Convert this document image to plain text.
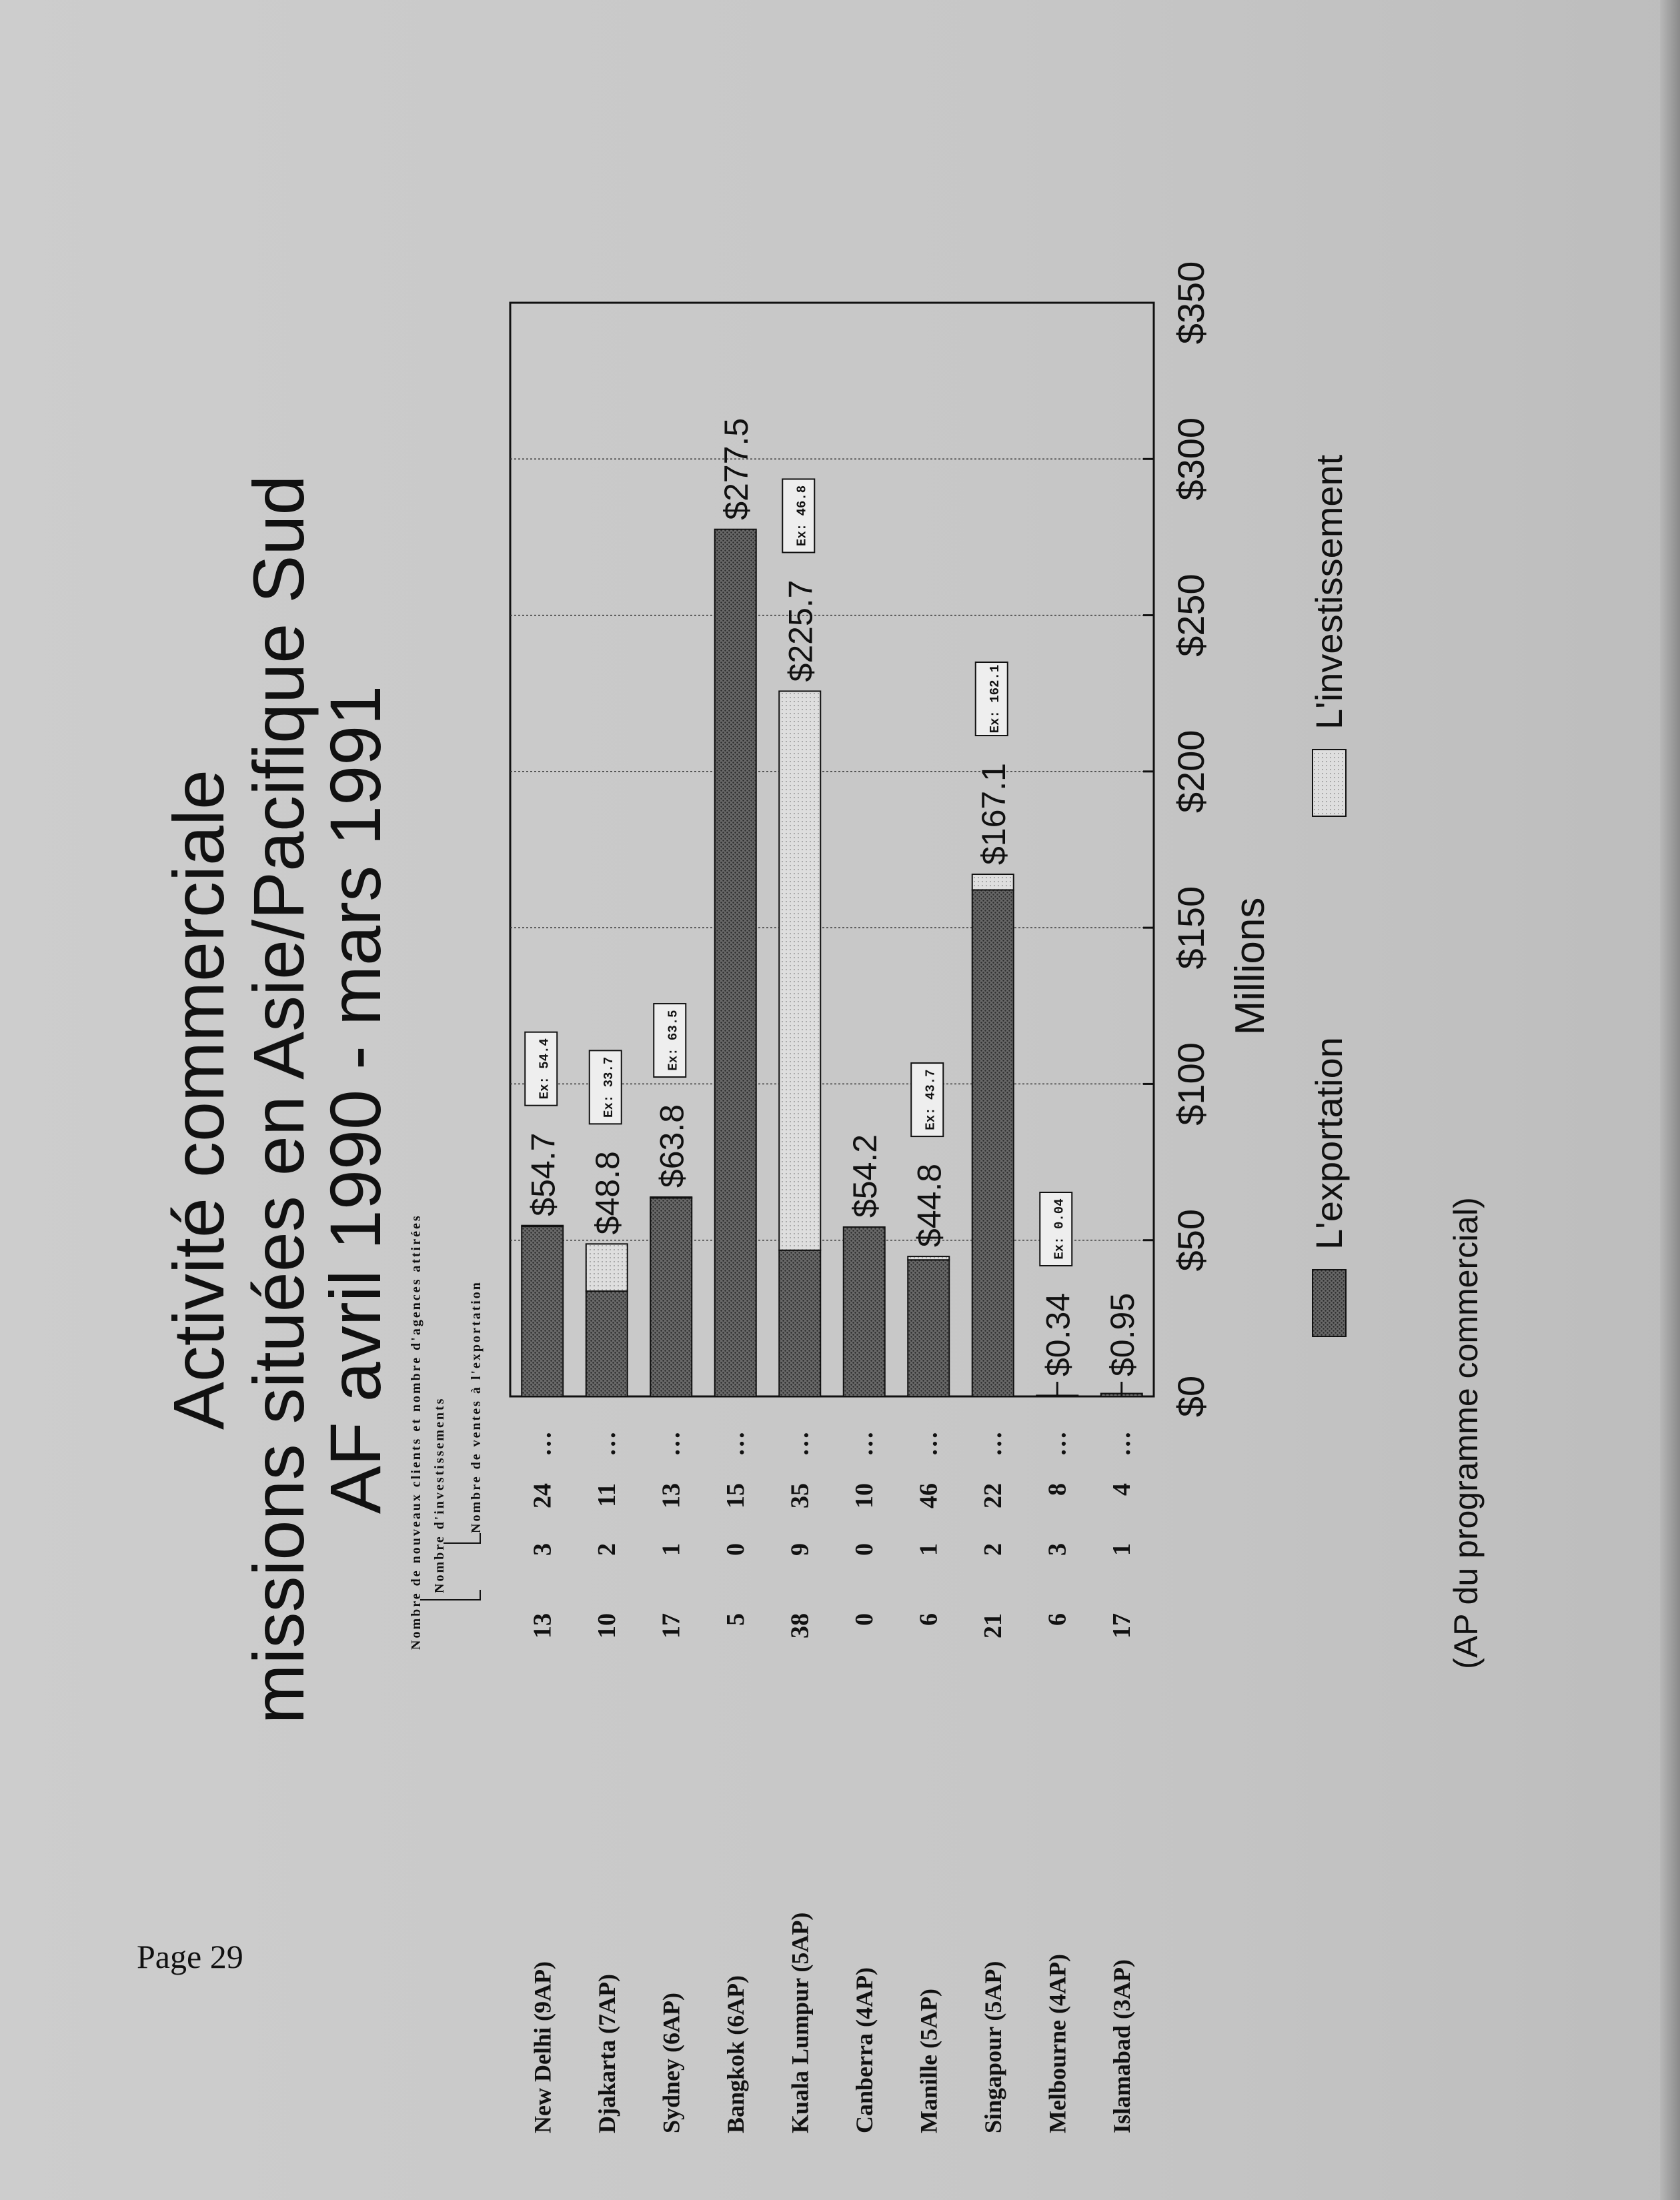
Page 29
Activité commerciale missions situées en Asie/Pacifique Sud
AF avril 1990 - mars 1991 Nombre de nouveaux clients et nombre d'agences attirées Nombre d'investissements Nombre de ventes à l'exportation
New Delhi (9AP)
13
3
24
…
$54.7
Ex: 54.4
Djakarta (7AP)
10
2
11
…
$48.8
Ex: 33.7
Sydney (6AP)
17
1
13
…
$63.8
Ex: 63.5
Bangkok (6AP)
5
0
15
…
$277.5
Kuala Lumpur (5AP)
38
9
35
…
$225.7
Ex: 46.8
Canberra (4AP)
0
0
10
…
$54.2
Manille (5AP)
6
1
46
…
$44.8
Ex: 43.7
Singapour (5AP)
21
2
22
…
$167.1
Ex: 162.1
Melbourne (4AP)
6
3
8
…
$0.34
Ex: 0.04
Islamabad (3AP)
17
1
4
…
$0.95
$0
$50
$100
$150
$200
$250
$300
$350
Millions
L'exportation
L'investissement
(AP du programme commercial)
